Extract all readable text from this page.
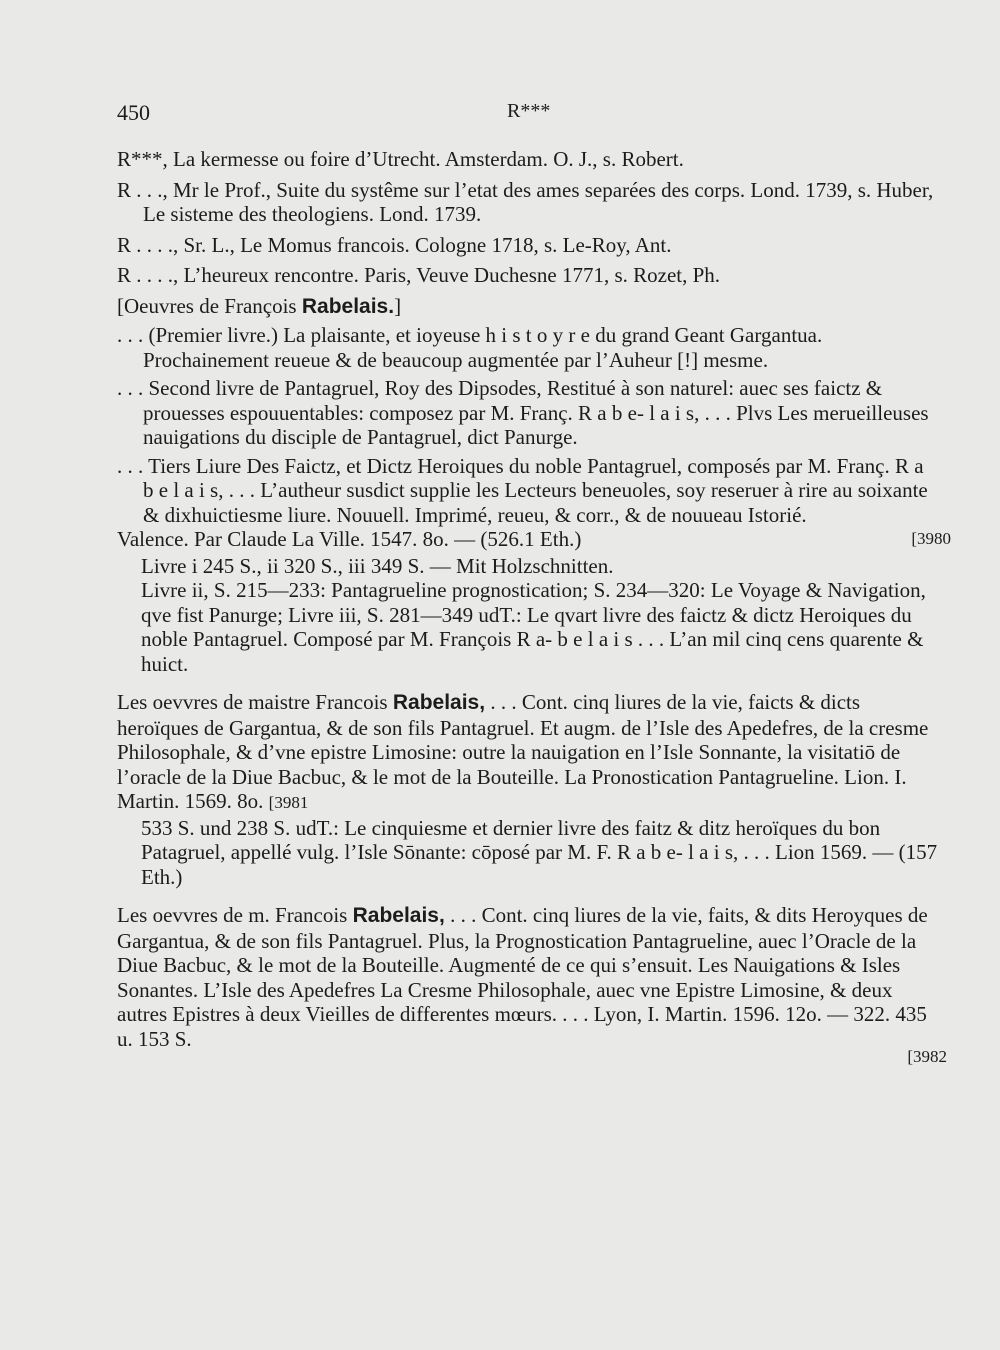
450	R***

R***, La kermesse ou foire d’Utrecht. Amsterdam. O. J., s. Robert.

R . . ., Mr le Prof., Suite du systême sur l’etat des ames separées des corps. Lond. 1739, s. Huber, Le sisteme des theologiens. Lond. 1739.

R . . . ., Sr. L., Le Momus francois. Cologne 1718, s. Le-Roy, Ant.

R . . . ., L’heureux rencontre. Paris, Veuve Duchesne 1771, s. Rozet, Ph.

[Oeuvres de François Rabelais.]

. . . (Premier livre.) La plaisante, et ioyeuse h i s t o y r e du grand Geant Gargantua. Prochainement reueue & de beaucoup augmentée par l’Auheur [!] mesme.

. . . Second livre de Pantagruel, Roy des Dipsodes, Restitué à son naturel: auec ses faictz & prouesses espouuentables: composez par M. Franç. R a b e- l a i s, . . . Plvs Les merueilleuses nauigations du disciple de Pantagruel, dict Panurge.

. . . Tiers Liure Des Faictz, et Dictz Heroiques du noble Pantagruel, composés par M. Franç. R a b e l a i s, . . . L’autheur susdict supplie les Lecteurs beneuoles, soy reseruer à rire au soixante & dixhuictiesme liure. Nouuell. Imprimé, reueu, & corr., & de nouueau Istorié.

Valence. Par Claude La Ville. 1547. 8o. — (526.1 Eth.)	[3980

Livre i 245 S., ii 320 S., iii 349 S. — Mit Holzschnitten.

Livre ii, S. 215—233: Pantagrueline prognostication; S. 234—320: Le Voyage & Navigation, qve fist Panurge; Livre iii, S. 281—349 udT.: Le qvart livre des faictz & dictz Heroiques du noble Pantagruel. Composé par M. François R a- b e l a i s . . . L’an mil cinq cens quarente & huict.

Les oevvres de maistre Francois Rabelais, . . . Cont. cinq liures de la vie, faicts & dicts heroïques de Gargantua, & de son fils Pantagruel. Et augm. de l’Isle des Apedefres, de la cresme Philosophale, & d’vne epistre Limosine: outre la nauigation en l’Isle Sonnante, la visitatiō de l’oracle de la Diue Bacbuc, & le mot de la Bouteille. La Pronostication Pantagrueline. Lion. I. Martin. 1569. 8o. [3981

533 S. und 238 S. udT.: Le cinquiesme et dernier livre des faitz & ditz heroïques du bon Patagruel, appellé vulg. l’Isle Sōnante: cōposé par M. F. R a b e- l a i s, . . . Lion 1569. — (157 Eth.)

Les oevvres de m. Francois Rabelais, . . . Cont. cinq liures de la vie, faits, & dits Heroyques de Gargantua, & de son fils Pantagruel. Plus, la Prognostication Pantagrueline, auec l’Oracle de la Diue Bacbuc, & le mot de la Bouteille. Augmenté de ce qui s’ensuit. Les Nauigations & Isles Sonantes. L’Isle des Apedefres La Cresme Philosophale, auec vne Epistre Limosine, & deux autres Epistres à deux Vieilles de differentes mœurs. . . . Lyon, I. Martin. 1596. 12o. — 322. 435 u. 153 S.

[3982
